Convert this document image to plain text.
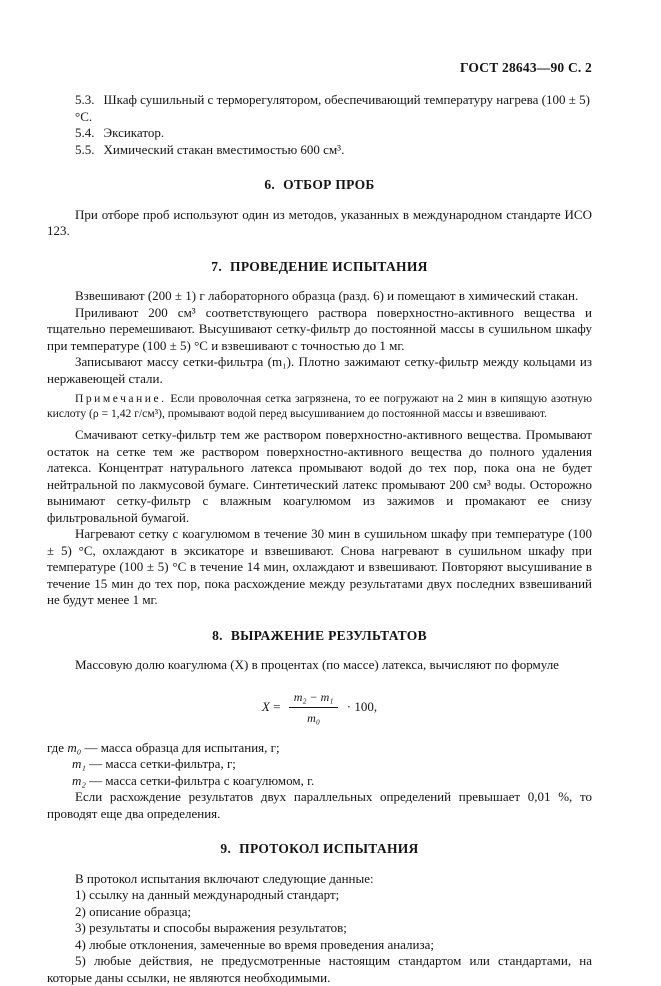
ГОСТ 28643—90 С. 2
5.3. Шкаф сушильный с терморегулятором, обеспечивающий температуру нагрева (100 ± 5) °С.
5.4. Эксикатор.
5.5. Химический стакан вместимостью 600 см³.
6. ОТБОР ПРОБ

При отборе проб используют один из методов, указанных в международном стандарте ИСО 123.

7. ПРОВЕДЕНИЕ ИСПЫТАНИЯ

Взвешивают (200 ± 1) г лабораторного образца (разд. 6) и помещают в химический стакан.

Приливают 200 см³ соответствующего раствора поверхностно-активного вещества и тщательно перемешивают. Высушивают сетку-фильтр до постоянной массы в сушильном шкафу при температуре (100 ± 5) °С и взвешивают с точностью до 1 мг.

Записывают массу сетки-фильтра (m₁). Плотно зажимают сетку-фильтр между кольцами из нержавеющей стали.

Примечание. Если проволочная сетка загрязнена, то ее погружают на 2 мин в кипящую азотную кислоту (ρ = 1,42 г/см³), промывают водой перед высушиванием до постоянной массы и взвешивают.

Смачивают сетку-фильтр тем же раствором поверхностно-активного вещества. Промывают остаток на сетке тем же раствором поверхностно-активного вещества до полного удаления латекса. Концентрат натурального латекса промывают водой до тех пор, пока она не будет нейтральной по лакмусовой бумаге. Синтетический латекс промывают 200 см³ воды. Осторожно вынимают сетку-фильтр с влажным коагулюмом из зажимов и промакают ее снизу фильтровальной бумагой.

Нагревают сетку с коагулюмом в течение 30 мин в сушильном шкафу при температуре (100 ± 5) °С, охлаждают в эксикаторе и взвешивают. Снова нагревают в сушильном шкафу при температуре (100 ± 5) °С в течение 14 мин, охлаждают и взвешивают. Повторяют высушивание в течение 15 мин до тех пор, пока расхождение между результатами двух последних взвешиваний не будут менее 1 мг.

8. ВЫРАЖЕНИЕ РЕЗУЛЬТАТОВ

Массовую долю коагулюма (X) в процентах (по массе) латекса, вычисляют по формуле

$X = \frac{\text{m₂ − m₁}}{\text{m₀}} \cdot 100$,
где m₀ — масса образца для испытания, г;
m₁ — масса сетки-фильтра, г;
m₂ — масса сетки-фильтра с коагулюмом, г.

Если расхождение результатов двух параллельных определений превышает 0,01 %, то проводят еще два определения.

9. ПРОТОКОЛ ИСПЫТАНИЯ

В протокол испытания включают следующие данные:

1) ссылку на данный международный стандарт;
2) описание образца;
3) результаты и способы выражения результатов;
4) любые отклонения, замеченные во время проведения анализа;
5) любые действия, не предусмотренные настоящим стандартом или стандартами, на которые даны ссылки, не являются необходимыми.
